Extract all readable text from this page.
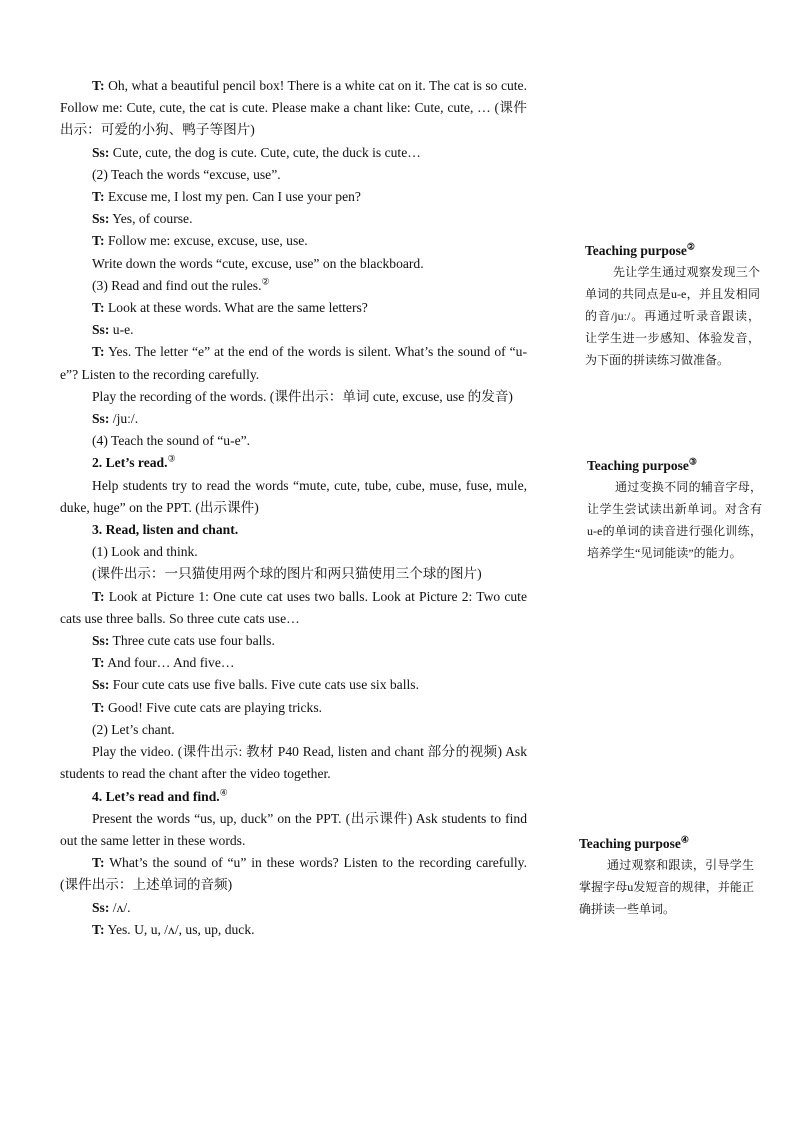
T: Oh, what a beautiful pencil box! There is a white cat on it. The cat is so cute. Follow me: Cute, cute, the cat is cute. Please make a chant like: Cute, cute, … (课件出示：可爱的小狗、鸭子等图片)

Ss: Cute, cute, the dog is cute. Cute, cute, the duck is cute…

(2) Teach the words “excuse, use”.

T: Excuse me, I lost my pen. Can I use your pen?

Ss: Yes, of course.

T: Follow me: excuse, excuse, use, use.

Write down the words “cute, excuse, use” on the blackboard.

(3) Read and find out the rules.②

T: Look at these words. What are the same letters?

Ss: u-e.

T: Yes. The letter “e” at the end of the words is silent. What’s the sound of “u-e”? Listen to the recording carefully.

Play the recording of the words. (课件出示：单词 cute, excuse, use 的发音)

Ss: /juː/.

(4) Teach the sound of “u-e”.

2. Let’s read.③

Help students try to read the words “mute, cute, tube, cube, muse, fuse, mule, duke, huge” on the PPT. (出示课件)

3. Read, listen and chant.

(1) Look and think.

(课件出示：一只猫使用两个球的图片和两只猫使用三个球的图片)

T: Look at Picture 1: One cute cat uses two balls. Look at Picture 2: Two cute cats use three balls. So three cute cats use…

Ss: Three cute cats use four balls.

T: And four… And five…

Ss: Four cute cats use five balls. Five cute cats use six balls.

T: Good! Five cute cats are playing tricks.

(2) Let’s chant.

Play the video. (课件出示: 教材 P40 Read, listen and chant 部分的视频) Ask students to read the chant after the video together.

4. Let’s read and find.④

Present the words “us, up, duck” on the PPT. (出示课件) Ask students to find out the same letter in these words.

T: What’s the sound of “u” in these words? Listen to the recording carefully. (课件出示：上述单词的音频)

Ss: /ʌ/.

T: Yes. U, u, /ʌ/, us, up, duck.

Teaching purpose②
先让学生通过观察发现三个单词的共同点是u-e，并且发相同的音/juː/。再通过听录音跟读，让学生进一步感知、体验发音，为下面的拼读练习做准备。
Teaching purpose③
通过变换不同的辅音字母，让学生尝试读出新单词。对含有u-e的单词的读音进行强化训练，培养学生“见词能读”的能力。
Teaching purpose④
通过观察和跟读，引导学生掌握字母u发短音的规律，并能正确拼读一些单词。
